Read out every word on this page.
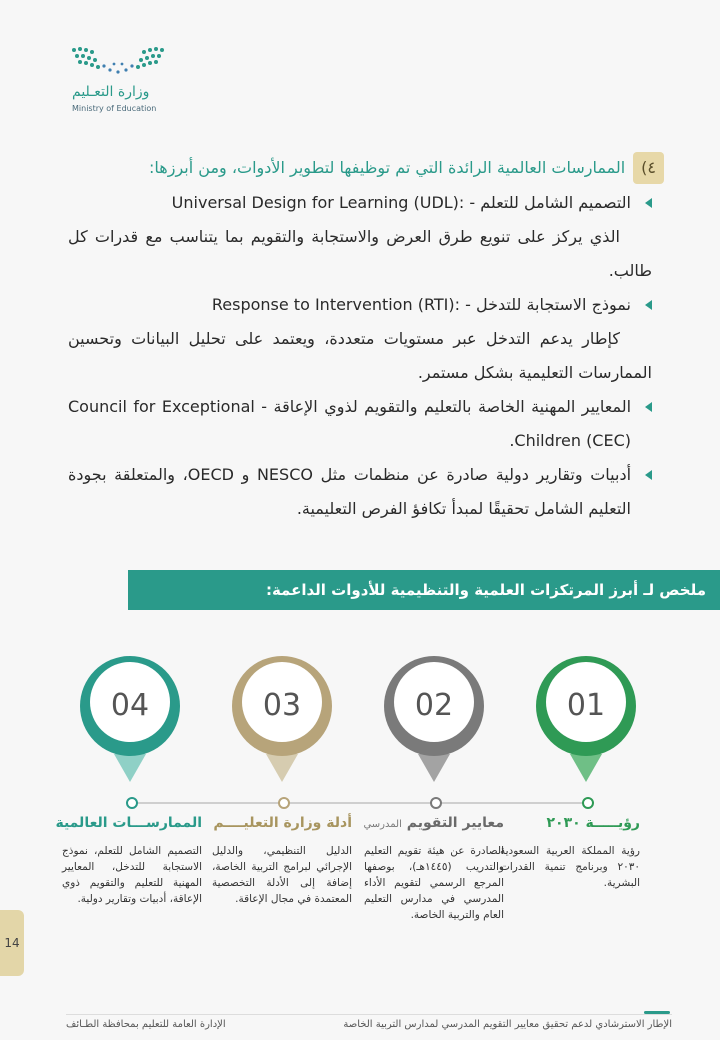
وزارة التعـليم
Ministry of Education
٤)
الممارسات العالمية الرائدة التي تم توظيفها لتطوير الأدوات، ومن أبرزها:
التصميم الشامل للتعلم - Universal Design for Learning (UDL):
الذي يركز على تنويع طرق العرض والاستجابة والتقويم بما يتناسب مع قدرات كل طالب.
نموذج الاستجابة للتدخل - Response to Intervention (RTI):
كإطار يدعم التدخل عبر مستويات متعددة، ويعتمد على تحليل البيانات وتحسين الممارسات التعليمية بشكل مستمر.
المعايير المهنية الخاصة بالتعليم والتقويم لذوي الإعاقة - Council for Exceptional Children (CEC).
أدبيات وتقارير دولية صادرة عن منظمات مثل NESCO و OECD، والمتعلقة بجودة التعليم الشامل تحقيقًا لمبدأ تكافؤ الفرص التعليمية.
ملخص لـ أبرز المرتكزات العلمية والتنظيمية للأدوات الداعمة:
01
02
03
04
رؤيـــــة ٢٠٣٠
رؤية المملكة العربية السعودية ٢٠٣٠ وبرنامج تنمية القدرات البشرية.
معايير التقويم المدرسي
الصادرة عن هيئة تقويم التعليم والتدريب (١٤٤٥هـ)، بوصفها المرجع الرسمي لتقويم الأداء المدرسي في مدارس التعليم العام والتربية الخاصة.
أدلة وزارة التعليــــم
الدليل التنظيمي، والدليل الإجرائي لبرامج التربية الخاصة، إضافة إلى الأدلة التخصصية المعتمدة في مجال الإعاقة.
الممارســـات العالمية
التصميم الشامل للتعلم، نموذج الاستجابة للتدخل، المعايير المهنية للتعليم والتقويم ذوي الإعاقة، أدبيات وتقارير دولية.
14
الإطار الاسترشادي لدعم تحقيق معايير التقويم المدرسي لمدارس التربية الخاصة
الإدارة العامة للتعليم بمحافظة الطـائف
